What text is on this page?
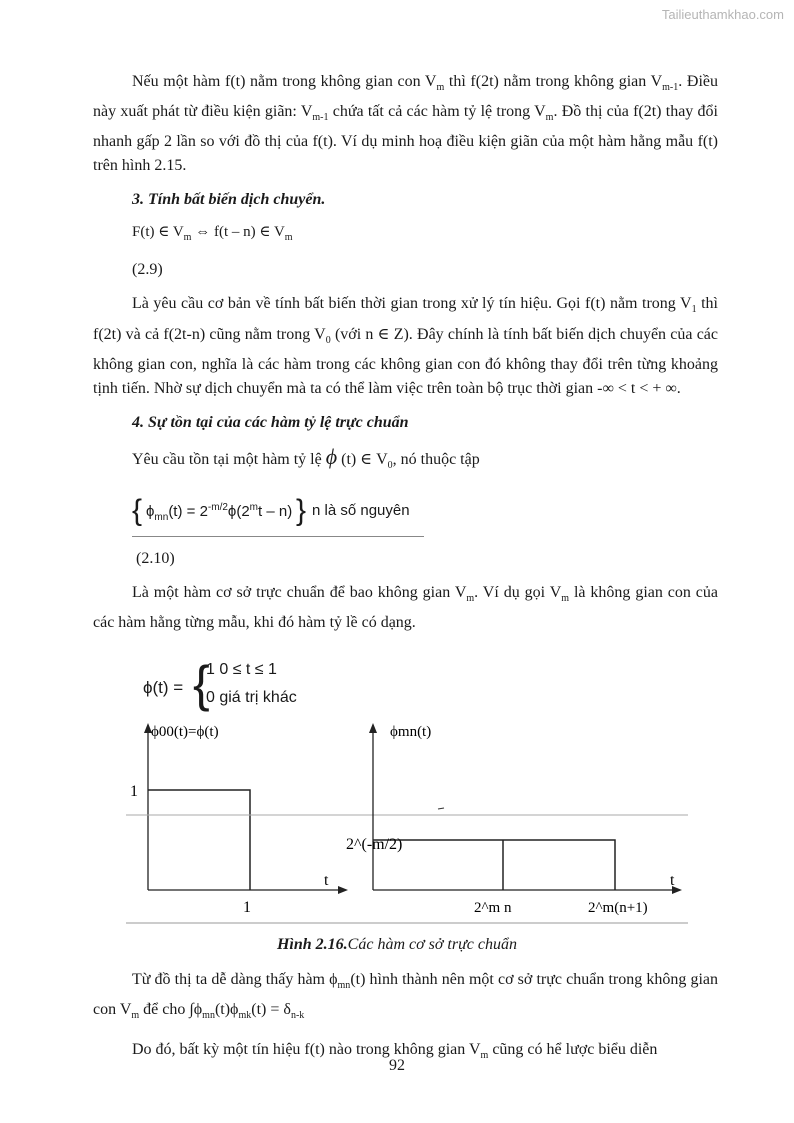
Tailieuthamkhao.com

Nếu một hàm f(t) nằm trong không gian con $V_m$ thì f(2t) nằm trong không gian $V_{m-1}$. Điều này xuất phát từ điều kiện giãn: $V_{m-1}$ chứa tất cả các hàm tỷ lệ trong $V_m$. Đồ thị của f(2t) thay đổi nhanh gấp 2 lần so với đồ thị của f(t). Ví dụ minh hoạ điều kiện giãn của một hàm hằng mẫu f(t) trên hình 2.15.

3. Tính bất biến dịch chuyển.

F(t) ∈ $V_m$ ⇔ f(t – n) ∈ $V_m$

(2.9)

Là yêu cầu cơ bản về tính bất biến thời gian trong xử lý tín hiệu. Gọi f(t) nằm trong $V_1$ thì f(2t) và cả f(2t-n) cũng nằm trong $V_0$ (với n ∈ Z). Đây chính là tính bất biến dịch chuyển của các không gian con, nghĩa là các hàm trong các không gian con đó không thay đổi trên từng khoảng tịnh tiến. Nhờ sự dịch chuyển mà ta có thể làm việc trên toàn bộ trục thời gian -∞ < t < + ∞.

4. Sự tồn tại của các hàm tỷ lệ trực chuẩn

Yêu cầu tồn tại một hàm tỷ lệ ϕ (t) ∈ $V_0$, nó thuộc tập

{ $\phi_{mn}(t) = 2^{-m/2}\phi(2^mt - n)$ } n là số nguyên

(2.10)

Là một hàm cơ sở trực chuẩn để bao không gian $V_m$. Ví dụ gọi $V_m$ là không gian con của các hàm hằng từng mẫu, khi đó hàm tỷ lề có dạng.

ϕ(t) = {
1 0 ≤ t ≤ 1
0 giá trị khác
ϕ00(t)=ϕ(t)
1
1
t
ϕmn(t)
2^(-m/2)
2^m n	2^m(n+1)
t
Hình 2.16.Các hàm cơ sở trực chuẩn

Từ đồ thị ta dễ dàng thấy hàm $\phi_{mn}(t)$ hình thành nên một cơ sở trực chuẩn trong không gian con $V_m$ để cho $\int\phi_{mn}(t)\phi_{mk}(t) = \delta_{n-k}$

Do đó, bất kỳ một tín hiệu f(t) nào trong không gian $V_m$ cũng có hể lược biểu diễn

92
